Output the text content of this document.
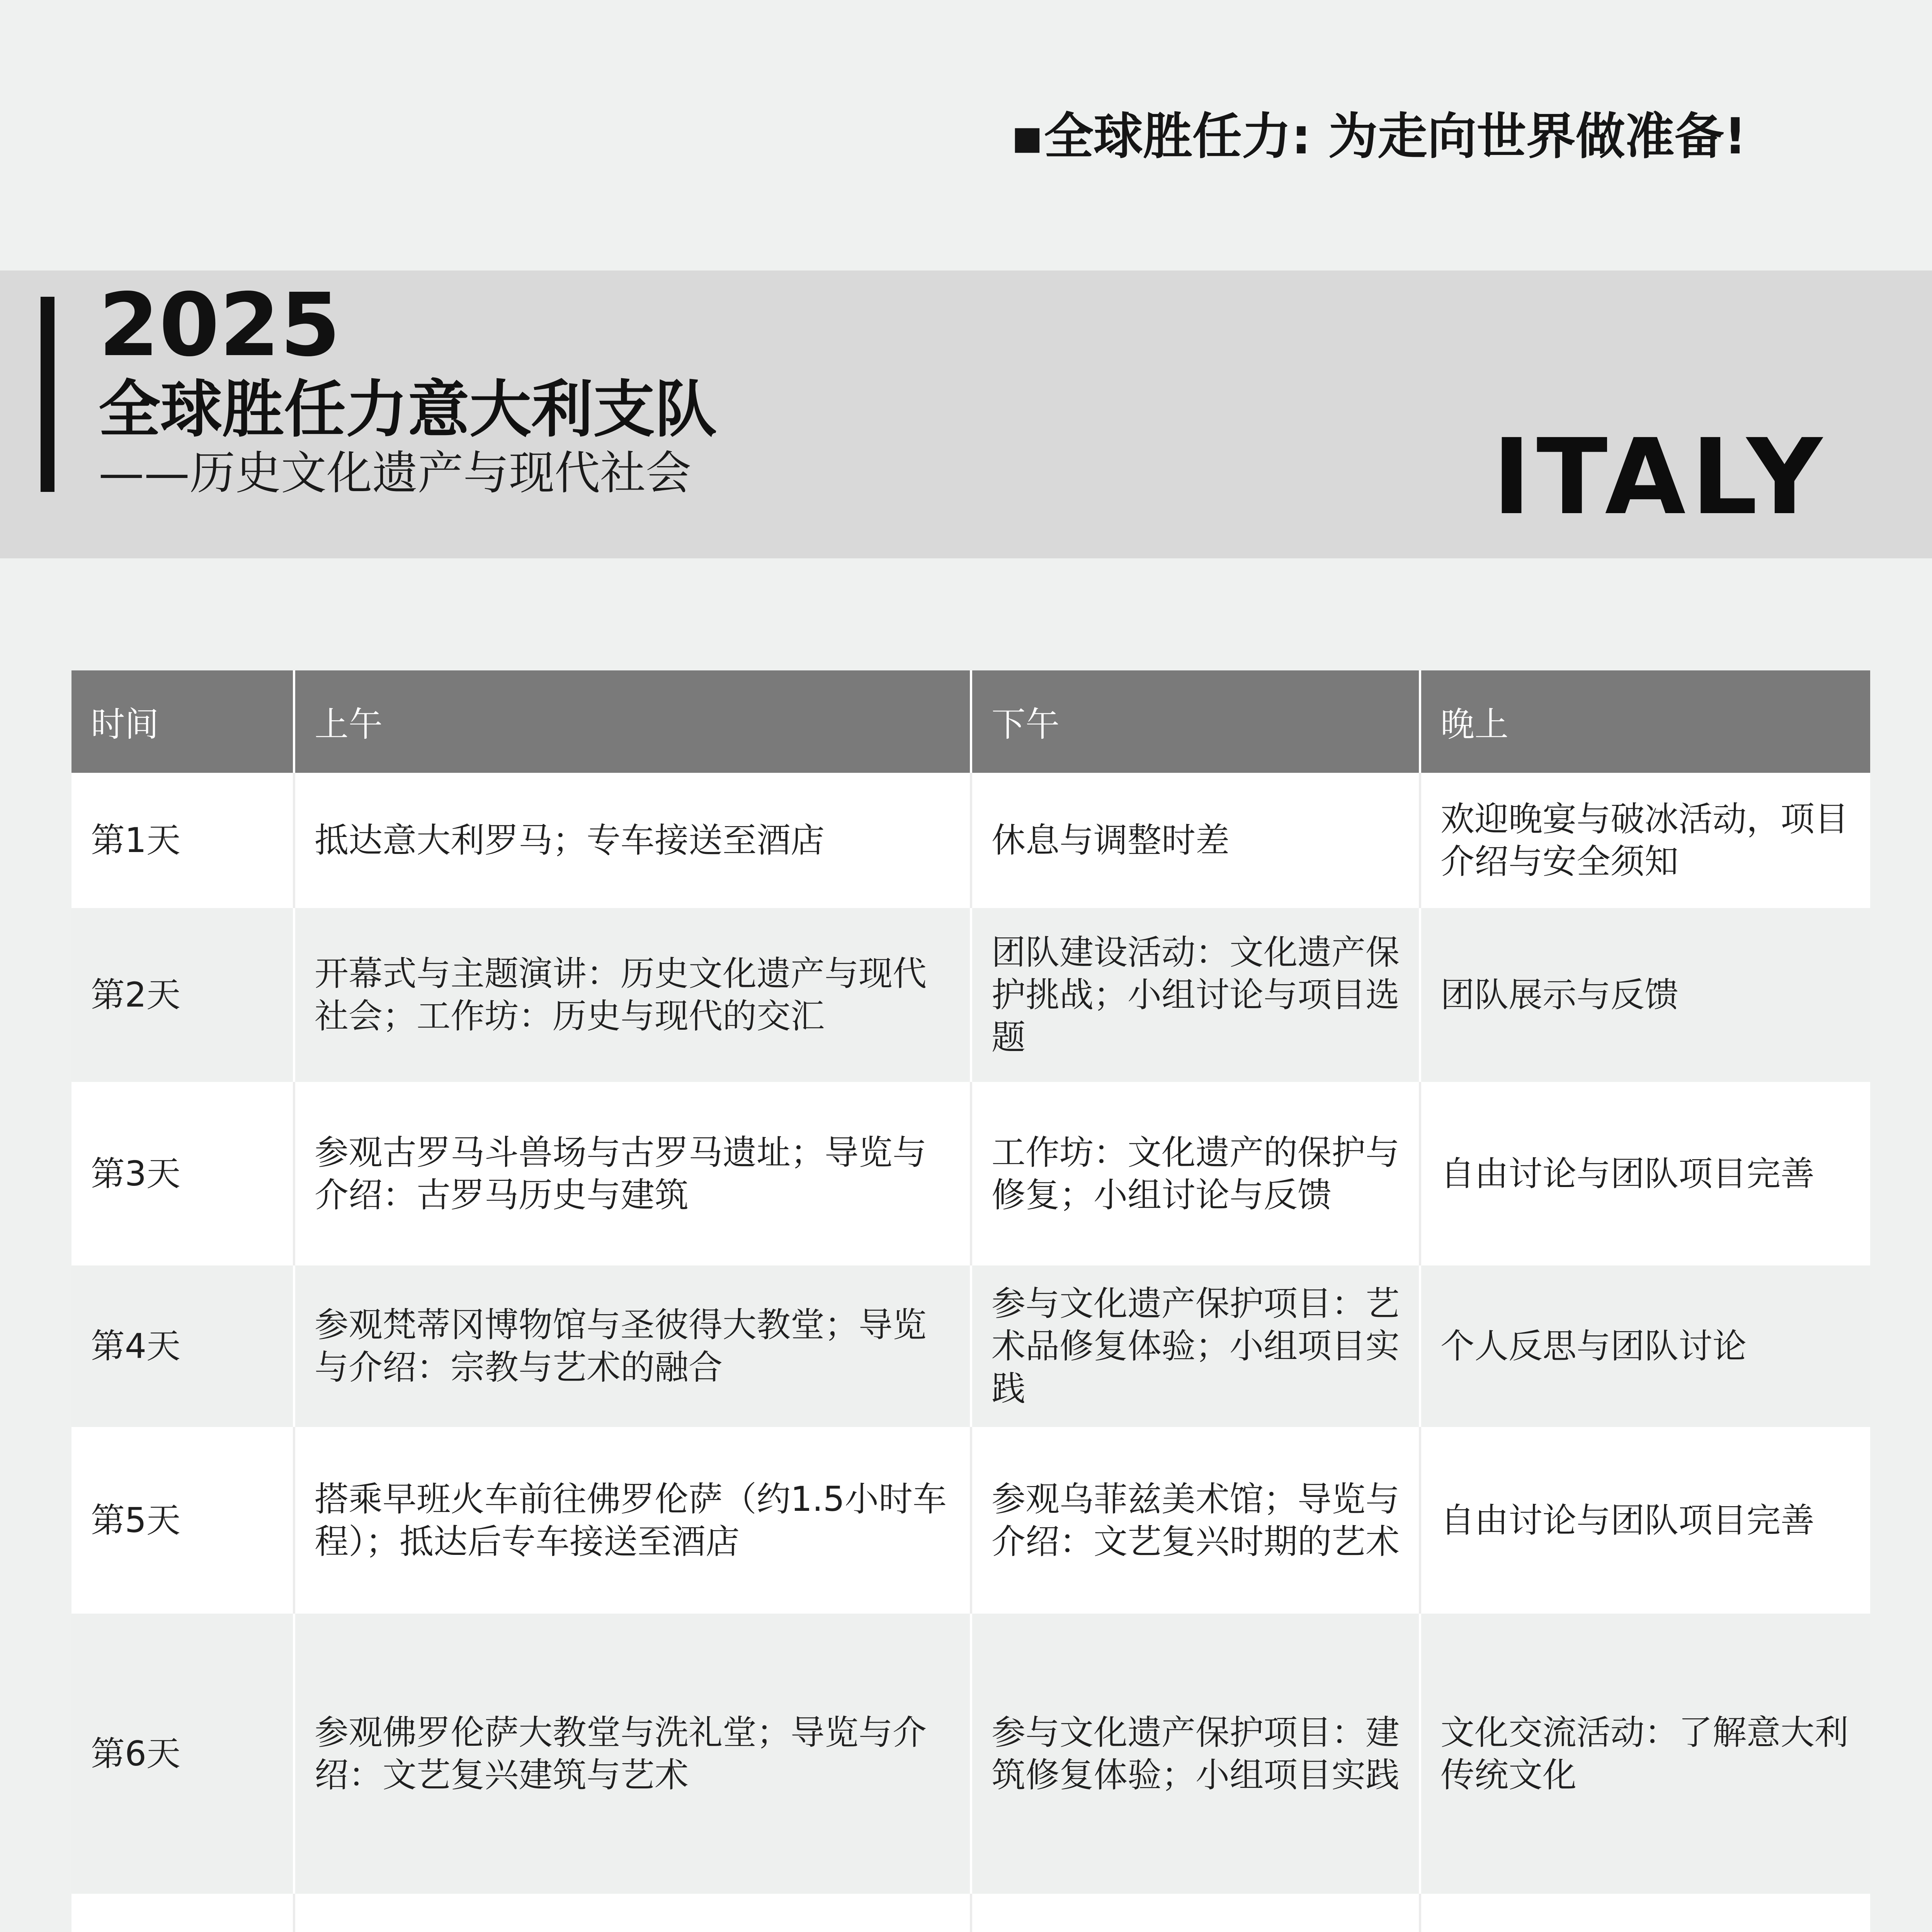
▪全球胜任力: 为走向世界做准备!
2025
全球胜任力意大利支队
——历史文化遗产与现代社会	ITALY
时间	上午	下午	晚上
第1天	抵达意大利罗马；专车接送至酒店	休息与调整时差	欢迎晚宴与破冰活动，项目介绍与安全须知
第2天	开幕式与主题演讲：历史文化遗产与现代社会；工作坊：历史与现代的交汇	团队建设活动：文化遗产保护挑战；小组讨论与项目选题	团队展示与反馈
第3天	参观古罗马斗兽场与古罗马遗址；导览与介绍：古罗马历史与建筑	工作坊：文化遗产的保护与修复；小组讨论与反馈	自由讨论与团队项目完善
第4天	参观梵蒂冈博物馆与圣彼得大教堂；导览与介绍：宗教与艺术的融合	参与文化遗产保护项目：艺术品修复体验；小组项目实践	个人反思与团队讨论
第5天	搭乘早班火车前往佛罗伦萨（约1.5小时车程）；抵达后专车接送至酒店	参观乌菲兹美术馆；导览与介绍：文艺复兴时期的艺术	自由讨论与团队项目完善
第6天	参观佛罗伦萨大教堂与洗礼堂；导览与介绍：文艺复兴建筑与艺术	参与文化遗产保护项目：建筑修复体验；小组项目实践	文化交流活动：了解意大利传统文化
